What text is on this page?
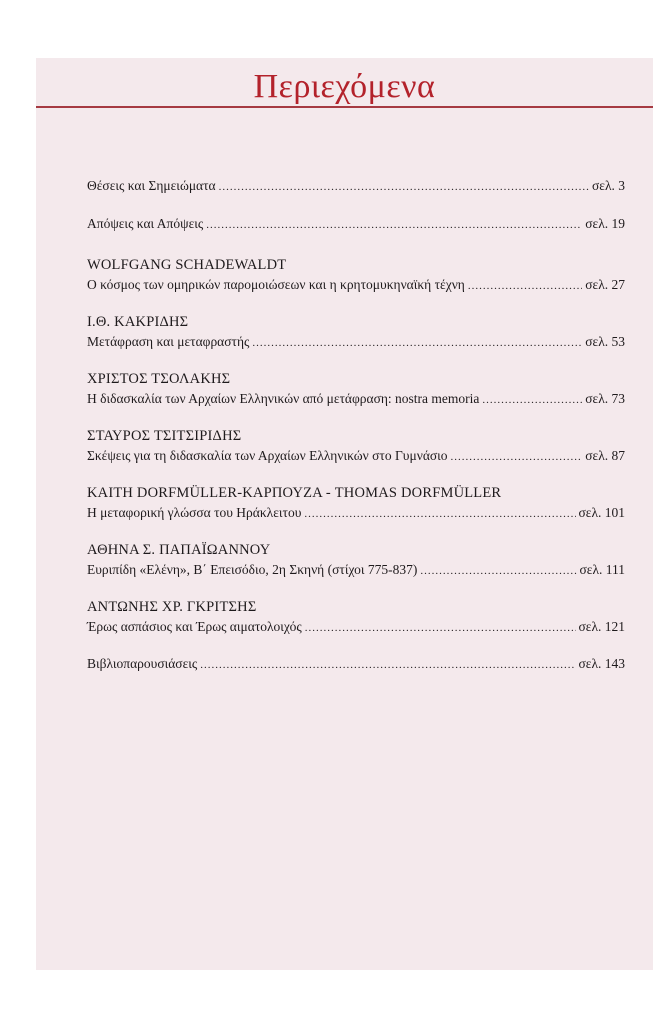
Περιεχόμενα
Θέσεις και Σημειώματα .....	σελ. 3
Απόψεις και Απόψεις .....	σελ. 19
WOLFGANG SCHADEWALDT
Ο κόσμος των ομηρικών παρομοιώσεων και η κρητομυκηναϊκή τέχνη .....	σελ. 27
Ι.Θ. ΚΑΚΡΙΔΗΣ
Μετάφραση και μεταφραστής .....	σελ. 53
ΧΡΙΣΤΟΣ ΤΣΟΛΑΚΗΣ
Η διδασκαλία των Αρχαίων Ελληνικών από μετάφραση: nostra memoria .....	σελ. 73
ΣΤΑΥΡΟΣ ΤΣΙΤΣΙΡΙΔΗΣ
Σκέψεις για τη διδασκαλία των Αρχαίων Ελληνικών στο Γυμνάσιο .....	σελ. 87
KAITH DORFMÜLLER-ΚΑΡΠΟΥΖΑ - THOMAS DORFMÜLLER
Η μεταφορική γλώσσα του Ηράκλειτου .....	σελ. 101
ΑΘΗΝΑ Σ. ΠΑΠΑΪΩΑΝΝΟΥ
Ευριπίδη «Ελένη», Β΄ Επεισόδιο, 2η Σκηνή (στίχοι 775-837) .....	σελ. 111
ΑΝΤΩΝΗΣ ΧΡ. ΓΚΡΙΤΣΗΣ
Έρως ασπάσιος και Έρως αιματολοιχός .....	σελ. 121
Βιβλιοπαρουσιάσεις .....	σελ. 143
